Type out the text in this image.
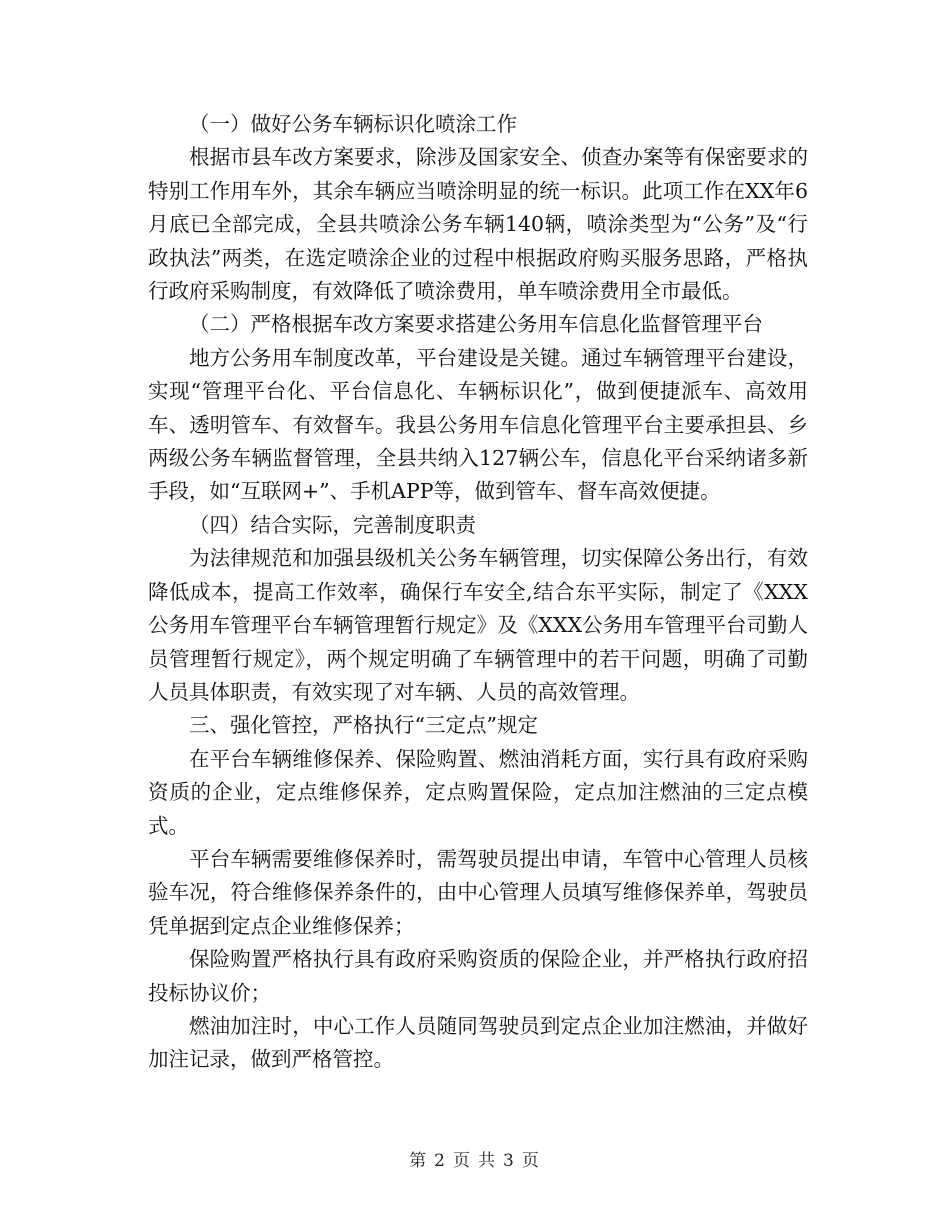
（一）做好公务车辆标识化喷涂工作

根据市县车改方案要求，除涉及国家安全、侦查办案等有保密要求的特别工作用车外，其余车辆应当喷涂明显的统一标识。此项工作在XX年6月底已全部完成，全县共喷涂公务车辆140辆，喷涂类型为“公务”及“行政执法”两类，在选定喷涂企业的过程中根据政府购买服务思路，严格执行政府采购制度，有效降低了喷涂费用，单车喷涂费用全市最低。

（二）严格根据车改方案要求搭建公务用车信息化监督管理平台

地方公务用车制度改革，平台建设是关键。通过车辆管理平台建设，实现“管理平台化、平台信息化、车辆标识化”，做到便捷派车、高效用车、透明管车、有效督车。我县公务用车信息化管理平台主要承担县、乡两级公务车辆监督管理，全县共纳入127辆公车，信息化平台采纳诸多新手段，如“互联网+”、手机APP等，做到管车、督车高效便捷。

（四）结合实际，完善制度职责

为法律规范和加强县级机关公务车辆管理，切实保障公务出行，有效降低成本，提高工作效率，确保行车安全,结合东平实际，制定了《XXX公务用车管理平台车辆管理暂行规定》及《XXX公务用车管理平台司勤人员管理暂行规定》，两个规定明确了车辆管理中的若干问题，明确了司勤人员具体职责，有效实现了对车辆、人员的高效管理。

三、强化管控，严格执行“三定点”规定

在平台车辆维修保养、保险购置、燃油消耗方面，实行具有政府采购资质的企业，定点维修保养，定点购置保险，定点加注燃油的三定点模式。

平台车辆需要维修保养时，需驾驶员提出申请，车管中心管理人员核验车况，符合维修保养条件的，由中心管理人员填写维修保养单，驾驶员凭单据到定点企业维修保养；

保险购置严格执行具有政府采购资质的保险企业，并严格执行政府招投标协议价；

燃油加注时，中心工作人员随同驾驶员到定点企业加注燃油，并做好加注记录，做到严格管控。

第 2 页 共 3 页
